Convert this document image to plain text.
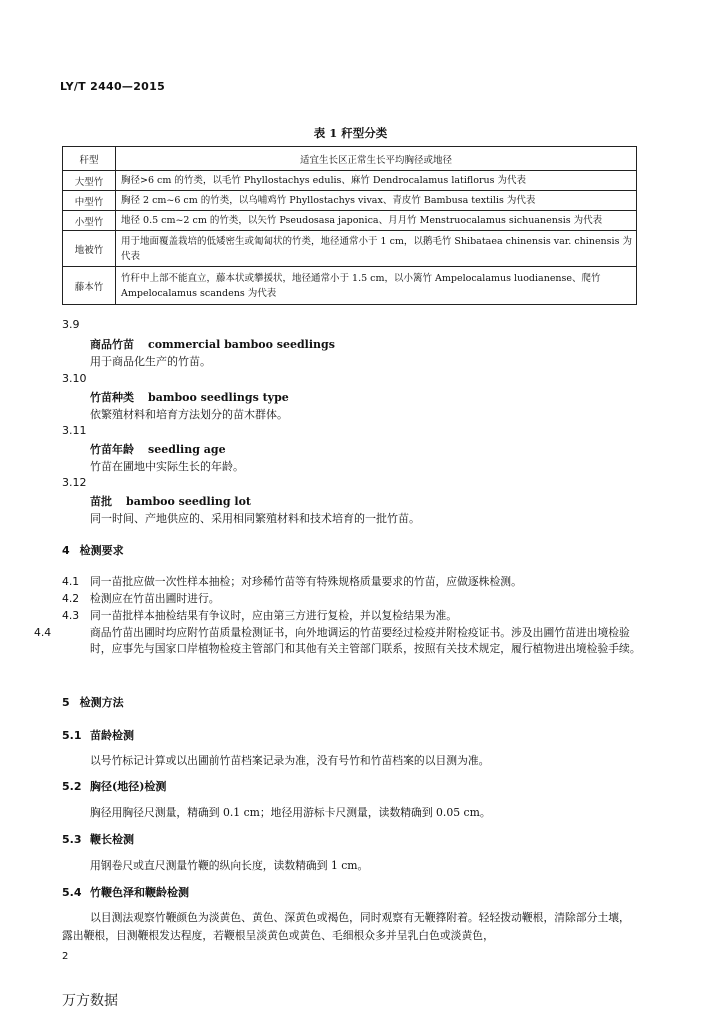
LY/T 2440—2015
表 1 秆型分类
秆型	适宜生长区正常生长平均胸径或地径
大型竹	胸径>6 cm 的竹类，以毛竹 Phyllostachys edulis、麻竹 Dendrocalamus latiflorus 为代表
中型竹	胸径 2 cm~6 cm 的竹类，以乌哺鸡竹 Phyllostachys vivax、青皮竹 Bambusa textilis 为代表
小型竹	地径 0.5 cm~2 cm 的竹类，以矢竹 Pseudosasa japonica、月月竹 Menstruocalamus sichuanensis 为代表
地被竹	用于地面覆盖栽培的低矮密生或匍匐状的竹类，地径通常小于 1 cm，以鹅毛竹 Shibataea chinensis var. chinensis 为代表
藤本竹	竹秆中上部不能直立，藤本状或攀援状，地径通常小于 1.5 cm，以小篱竹 Ampelocalamus luodianense、爬竹 Ampelocalamus scandens 为代表
3.9
商品竹苗 commercial bamboo seedlings
用于商品化生产的竹苗。
3.10
竹苗种类 bamboo seedlings type
依繁殖材料和培育方法划分的苗木群体。
3.11
竹苗年龄 seedling age
竹苗在圃地中实际生长的年龄。
3.12
苗批 bamboo seedling lot
同一时间、产地供应的、采用相同繁殖材料和技术培育的一批竹苗。
4 检测要求
4.1 同一苗批应做一次性样本抽检；对珍稀竹苗等有特殊规格质量要求的竹苗，应做逐株检测。
4.2 检测应在竹苗出圃时进行。
4.3 同一苗批样本抽检结果有争议时，应由第三方进行复检，并以复检结果为准。
4.4	商品竹苗出圃时均应附竹苗质量检测证书，向外地调运的竹苗要经过检疫并附检疫证书。涉及出圃竹苗进出境检验时，应事先与国家口岸植物检疫主管部门和其他有关主管部门联系，按照有关技术规定，履行植物进出境检验手续。
5 检测方法
5.1 苗龄检测
以号竹标记计算或以出圃前竹苗档案记录为准，没有号竹和竹苗档案的以目测为准。
5.2 胸径(地径)检测
胸径用胸径尺测量，精确到 0.1 cm；地径用游标卡尺测量，读数精确到 0.05 cm。
5.3 鞭长检测
用钢卷尺或直尺测量竹鞭的纵向长度，读数精确到 1 cm。
5.4 竹鞭色泽和鞭龄检测
以目测法观察竹鞭颜色为淡黄色、黄色、深黄色或褐色，同时观察有无鞭箨附着。轻轻拨动鞭根，清除部分土壤，露出鞭根，目测鞭根发达程度，若鞭根呈淡黄色或黄色、毛细根众多并呈乳白色或淡黄色，
2
万方数据
